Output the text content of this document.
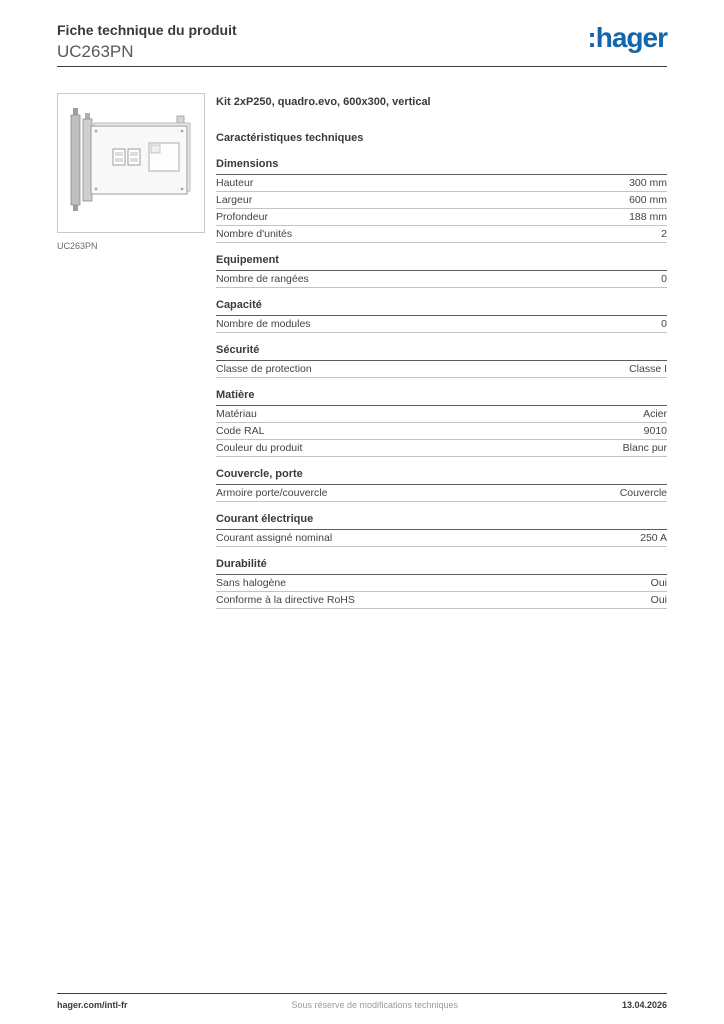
Fiche technique du produit
UC263PN	:hager
UC263PN
Kit 2xP250, quadro.evo, 600x300, vertical
Caractéristiques techniques
Dimensions
Hauteur	300 mm
Largeur	600 mm
Profondeur	188 mm
Nombre d'unités	2
Equipement
Nombre de rangées	0
Capacité
Nombre de modules	0
Sécurité
Classe de protection	Classe I
Matière
Matériau	Acier
Code RAL	9010
Couleur du produit	Blanc pur
Couvercle, porte
Armoire porte/couvercle	Couvercle
Courant électrique
Courant assigné nominal	250 A
Durabilité
Sans halogène	Oui
Conforme à la directive RoHS	Oui
hager.com/intl-fr	Sous réserve de modifications techniques	13.04.2026
